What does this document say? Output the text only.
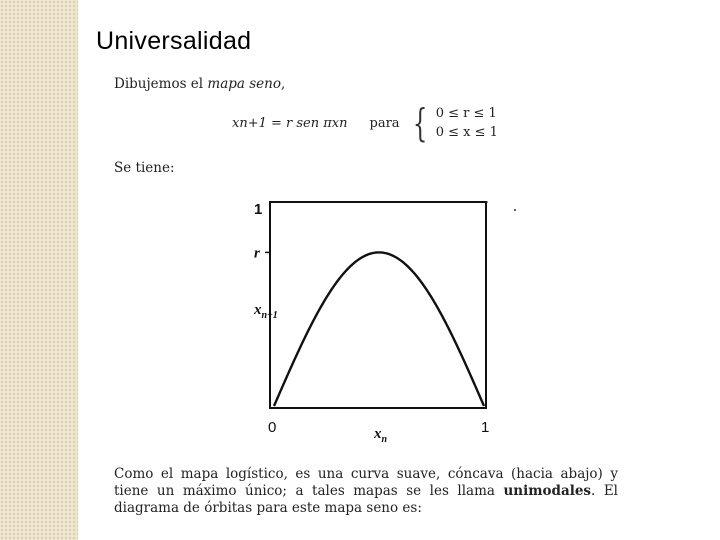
Universalidad
Dibujemos el mapa seno,
xn+1 = r sen πxn para { 0 ≤ r ≤ 1
0 ≤ x ≤ 1
Se tiene:
1
r
$x_{n+1}$
0	1
$x_n$
Como el mapa logístico, es una curva suave, cóncava (hacia abajo) y tiene un máximo único; a tales mapas se les llama unimodales. El diagrama de órbitas para este mapa seno es:
